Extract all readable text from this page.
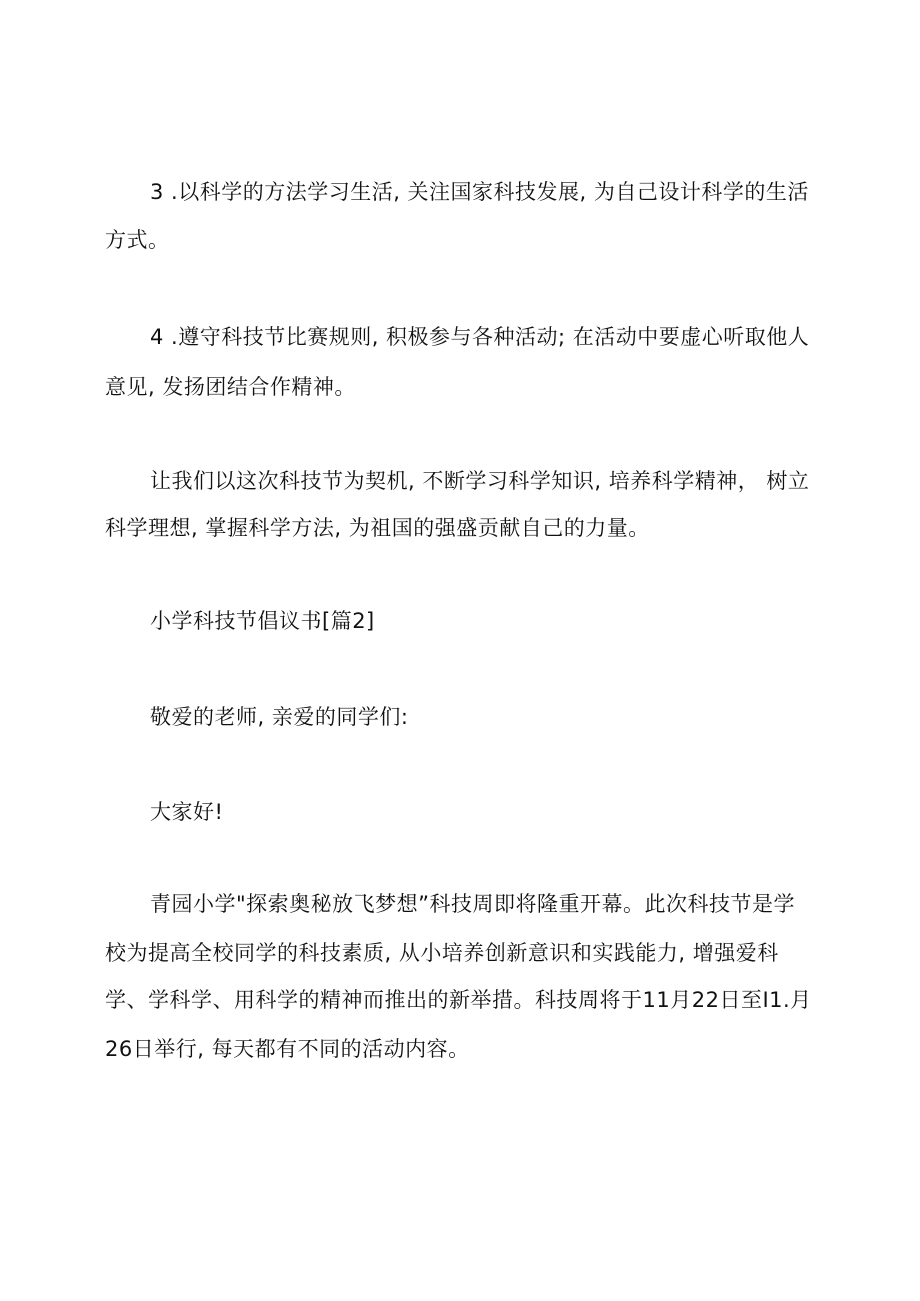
3 .以科学的方法学习生活, 关注国家科技发展, 为自己设计科学的生活
方式。
4 .遵守科技节比赛规则, 积极参与各种活动; 在活动中要虚心听取他人
意见, 发扬团结合作精神。
让我们以这次科技节为契机, 不断学习科学知识, 培养科学精神， 树立
科学理想, 掌握科学方法, 为祖国的强盛贡献自己的力量。
小学科技节倡议书[篇2]
敬爱的老师, 亲爱的同学们:
大家好!
青园小学"探索奥秘放飞梦想”科技周即将隆重开幕。此次科技节是学
校为提高全校同学的科技素质, 从小培养创新意识和实践能力, 增强爱科
学、学科学、用科学的精神而推出的新举措。科技周将于11月22日至I1.月
26日举行, 每天都有不同的活动内容。
